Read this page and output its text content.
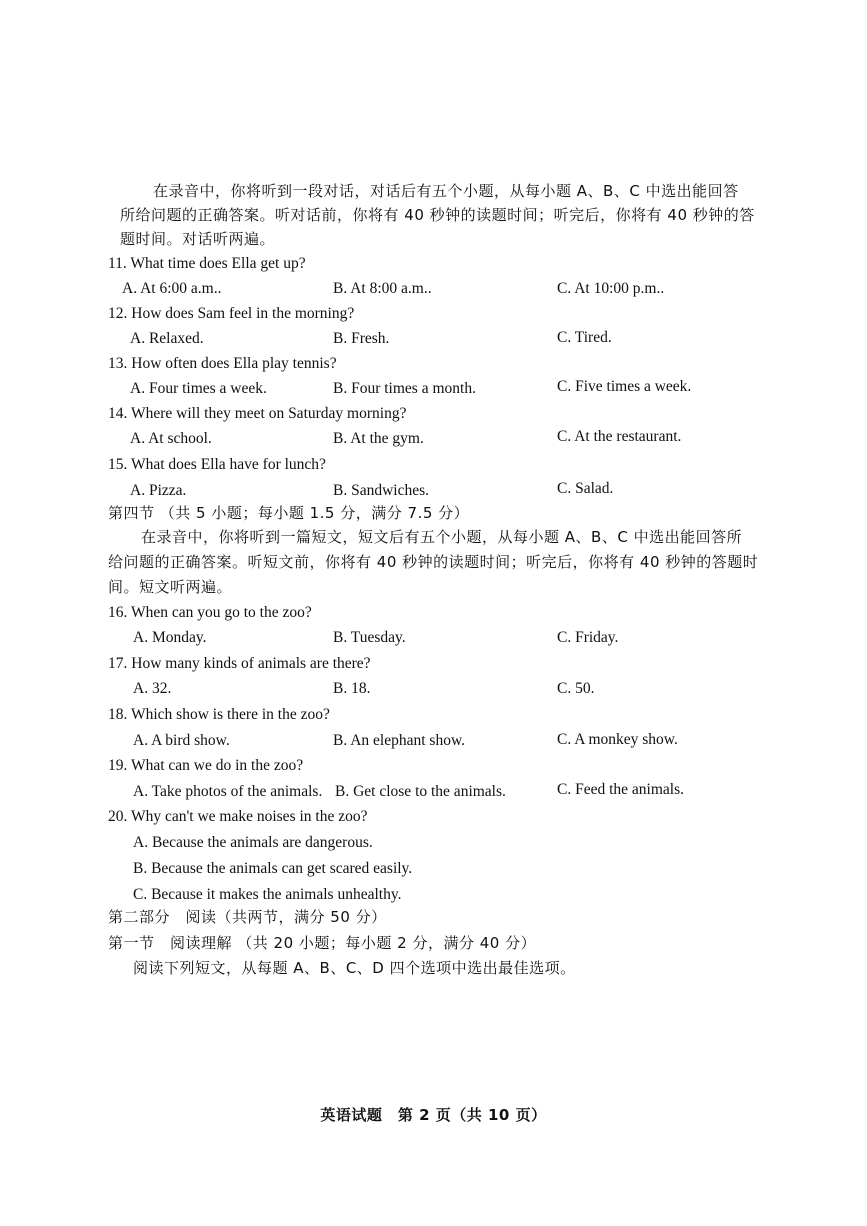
在录音中，你将听到一段对话，对话后有五个小题，从每小题 A、B、C 中选出能回答
所给问题的正确答案。听对话前，你将有 40 秒钟的读题时间；听完后，你将有 40 秒钟的答
题时间。对话听两遍。
11. What time does Ella get up?
A. At 6:00 a.m..	B. At 8:00 a.m..	C. At 10:00 p.m..
12. How does Sam feel in the morning?
A. Relaxed.	B. Fresh.	C. Tired.
13. How often does Ella play tennis?
A. Four times a week.	B. Four times a month.	C. Five times a week.
14. Where will they meet on Saturday morning?
A. At school.	B. At the gym.	C. At the restaurant.
15. What does Ella have for lunch?
A. Pizza.	B. Sandwiches.	C. Salad.
第四节 （共 5 小题；每小题 1.5 分，满分 7.5 分）
在录音中，你将听到一篇短文，短文后有五个小题，从每小题 A、B、C 中选出能回答所
给问题的正确答案。听短文前，你将有 40 秒钟的读题时间；听完后，你将有 40 秒钟的答题时
间。短文听两遍。
16. When can you go to the zoo?
A. Monday.	B. Tuesday.	C. Friday.
17. How many kinds of animals are there?
A. 32.	B. 18.	C. 50.
18. Which show is there in the zoo?
A. A bird show.	B. An elephant show.	C. A monkey show.
19. What can we do in the zoo?
A. Take photos of the animals. B. Get close to the animals.	C. Feed the animals.
20. Why can't we make noises in the zoo?
A. Because the animals are dangerous.
B. Because the animals can get scared easily.
C. Because it makes the animals unhealthy.
第二部分　阅读（共两节，满分 50 分）
第一节　阅读理解 （共 20 小题；每小题 2 分，满分 40 分）
阅读下列短文，从每题 A、B、C、D 四个选项中选出最佳选项。
英语试题　第 2 页（共 10 页）
